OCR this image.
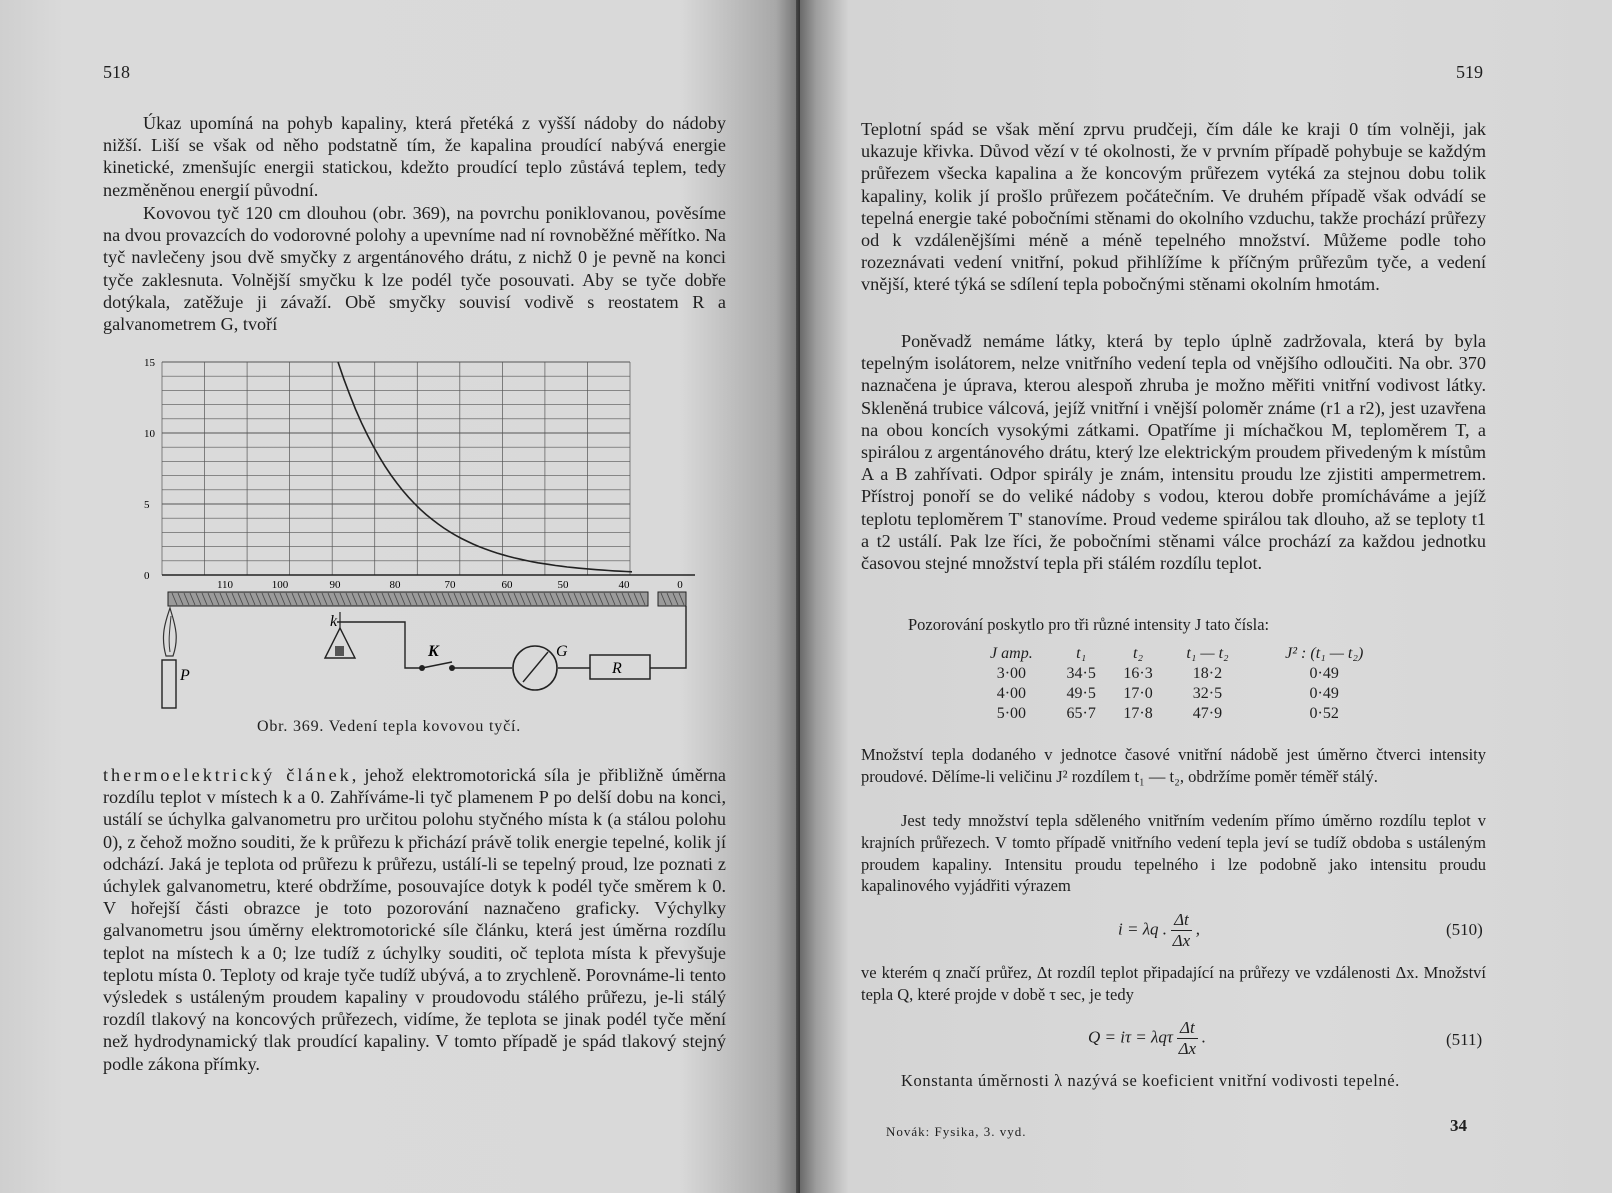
518
Úkaz upomíná na pohyb kapaliny, která přetéká z vyšší nádoby do nádoby nižší. Liší se však od něho podstatně tím, že kapalina proudící nabývá energie kinetické, zmenšujíc energii statickou, kdežto proudící teplo zůstává teplem, tedy nezměněnou energií původní.
Kovovou tyč 120 cm dlouhou (obr. 369), na povrchu poniklovanou, pověsíme na dvou provazcích do vodorovné polohy a upevníme nad ní rovnoběžné měřítko. Na tyč navlečeny jsou dvě smyčky z argentánového drátu, z nichž 0 je pevně na konci tyče zaklesnuta. Volnější smyčku k lze podél tyče posouvati. Aby se tyče dobře dotýkala, zatěžuje ji závaží. Obě smyčky souvisí vodivě s reostatem R a galvanometrem G, tvoří
15
10
5
0
110	100	90	80	70	60	50	40	0
k
K	G
R
P
Obr. 369. Vedení tepla kovovou tyčí.
thermoelektrický článek, jehož elektromotorická síla je přibližně úměrna rozdílu teplot v místech k a 0. Zahříváme-li tyč plamenem P po delší dobu na konci, ustálí se úchylka galvanometru pro určitou polohu styčného místa k (a stálou polohu 0), z čehož možno souditi, že k průřezu k přichází právě tolik energie tepelné, kolik jí odchází. Jaká je teplota od průřezu k průřezu, ustálí-li se tepelný proud, lze poznati z úchylek galvanometru, které obdržíme, posouvajíce dotyk k podél tyče směrem k 0. V hořejší části obrazce je toto pozorování naznačeno graficky. Výchylky galvanometru jsou úměrny elektromotorické síle článku, která jest úměrna rozdílu teplot na místech k a 0; lze tudíž z úchylky souditi, oč teplota místa k převyšuje teplotu místa 0. Teploty od kraje tyče tudíž ubývá, a to zrychleně. Porovnáme-li tento výsledek s ustáleným proudem kapaliny v proudovodu stálého průřezu, je-li stálý rozdíl tlakový na koncových průřezech, vidíme, že teplota se jinak podél tyče mění než hydrodynamický tlak proudící kapaliny. V tomto případě je spád tlakový stejný podle zákona přímky.
519
Teplotní spád se však mění zprvu prudčeji, čím dále ke kraji 0 tím volněji, jak ukazuje křivka. Důvod vězí v té okolnosti, že v prvním případě pohybuje se každým průřezem všecka kapalina a že koncovým průřezem vytéká za stejnou dobu tolik kapaliny, kolik jí prošlo průřezem počátečním. Ve druhém případě však odvádí se tepelná energie také pobočními stěnami do okolního vzduchu, takže prochází průřezy od k vzdálenějšími méně a méně tepelného množství. Můžeme podle toho rozeznávati vedení vnitřní, pokud přihlížíme k příčným průřezům tyče, a vedení vnější, které týká se sdílení tepla pobočnými stěnami okolním hmotám.
Poněvadž nemáme látky, která by teplo úplně zadržovala, která by byla tepelným isolátorem, nelze vnitřního vedení tepla od vnějšího odloučiti. Na obr. 370 naznačena je úprava, kterou alespoň zhruba je možno měřiti vnitřní vodivost látky. Skleněná trubice válcová, jejíž vnitřní i vnější poloměr známe (r1 a r2), jest uzavřena na obou koncích vysokými zátkami. Opatříme ji míchačkou M, teploměrem T, a spirálou z argentánového drátu, který lze elektrickým proudem přivedeným k místům A a B zahřívati. Odpor spirály je znám, intensitu proudu lze zjistiti ampermetrem. Přístroj ponoří se do veliké nádoby s vodou, kterou dobře promícháváme a jejíž teplotu teploměrem T' stanovíme. Proud vedeme spirálou tak dlouho, až se teploty t1 a t2 ustálí. Pak lze říci, že pobočními stěnami válce prochází za každou jednotku časovou stejné množství tepla při stálém rozdílu teplot.
Pozorování poskytlo pro tři různé intensity J tato čísla:
J amp.	t₁	t₂	t₁ — t₂	J² : (t₁ — t₂)
3·00	34·5	16·3	18·2	0·49
4·00	49·5	17·0	32·5	0·49
5·00	65·7	17·8	47·9	0·52
Množství tepla dodaného v jednotce časové vnitřní nádobě jest úměrno čtverci intensity proudové. Dělíme-li veličinu J² rozdílem t₁ — t₂, obdržíme poměr téměř stálý.
Jest tedy množství tepla sděleného vnitřním vedením přímo úměrno rozdílu teplot v krajních průřezech. V tomto případě vnitřního vedení tepla jeví se tudíž obdoba s ustáleným proudem kapaliny. Intensitu proudu tepelného i lze podobně jako intensitu proudu kapalinového vyjádřiti výrazem
i = λq . $\frac{\Delta t}{\Delta x}$ ,	(510)
ve kterém q značí průřez, Δt rozdíl teplot připadající na průřezy ve vzdálenosti Δx. Množství tepla Q, které projde v době τ sec, je tedy
Q = iτ = λqτ $\frac{\Delta t}{\Delta x}$ .	(511)
Konstanta úměrnosti λ nazývá se koeficient vnitřní vodivosti tepelné.
Novák: Fysika, 3. vyd.	34
